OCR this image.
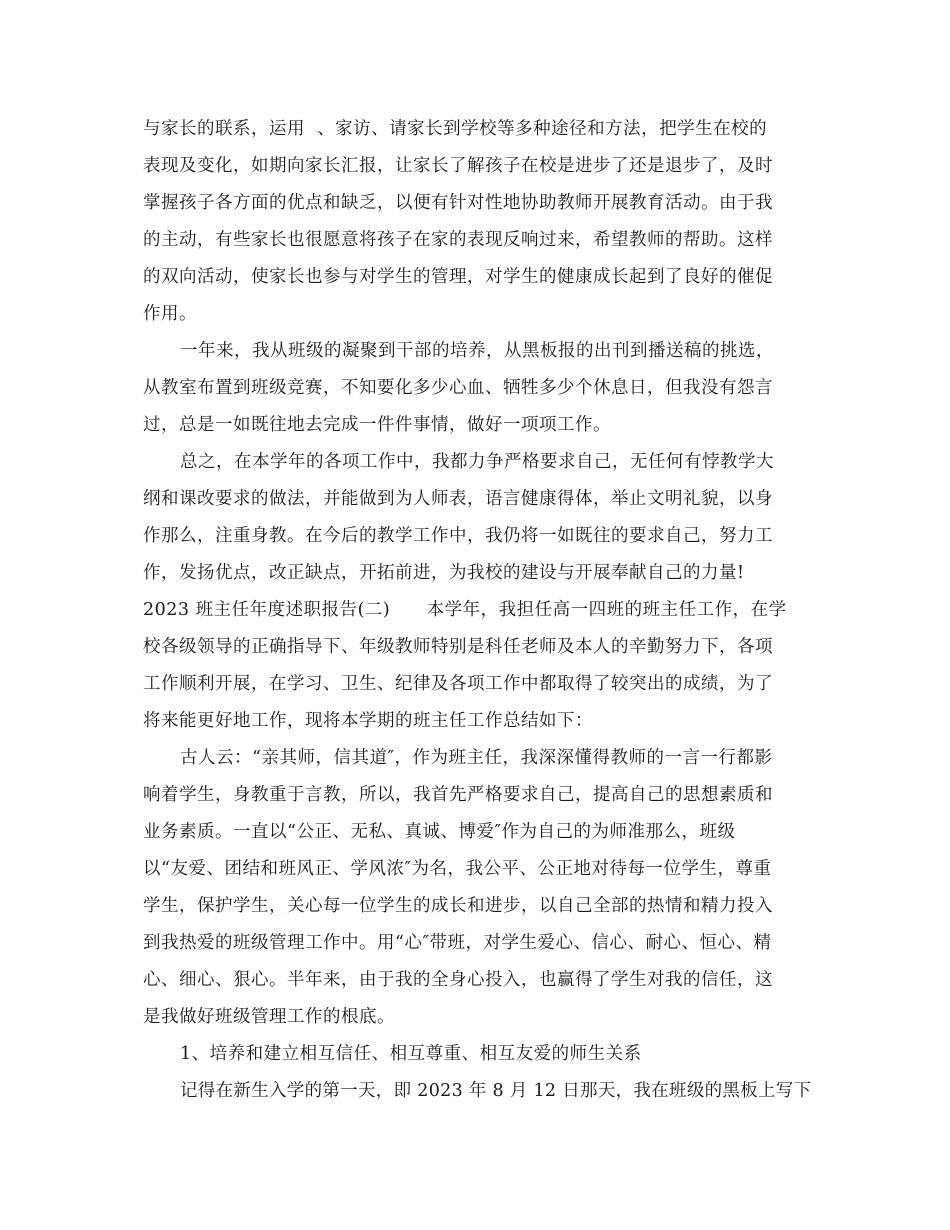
与家长的联系，运用  、家访、请家长到学校等多种途径和方法，把学生在校的
表现及变化，如期向家长汇报，让家长了解孩子在校是进步了还是退步了，及时
掌握孩子各方面的优点和缺乏，以便有针对性地协助教师开展教育活动。由于我
的主动，有些家长也很愿意将孩子在家的表现反响过来，希望教师的帮助。这样
的双向活动，使家长也参与对学生的管理，对学生的健康成长起到了良好的催促
作用。
一年来，我从班级的凝聚到干部的培养，从黑板报的出刊到播送稿的挑选，
从教室布置到班级竞赛，不知要化多少心血、牺牲多少个休息日，但我没有怨言
过，总是一如既往地去完成一件件事情，做好一项项工作。
总之，在本学年的各项工作中，我都力争严格要求自己，无任何有悖教学大
纲和课改要求的做法，并能做到为人师表，语言健康得体，举止文明礼貌，以身
作那么，注重身教。在今后的教学工作中，我仍将一如既往的要求自己，努力工
作，发扬优点，改正缺点，开拓前进，为我校的建设与开展奉献自己的力量!
2023 班主任年度述职报告(二)      本学年，我担任高一四班的班主任工作，在学
校各级领导的正确指导下、年级教师特别是科任老师及本人的辛勤努力下，各项
工作顺利开展，在学习、卫生、纪律及各项工作中都取得了较突出的成绩，为了
将来能更好地工作，现将本学期的班主任工作总结如下：
古人云：“亲其师，信其道″，作为班主任，我深深懂得教师的一言一行都影
响着学生，身教重于言教，所以，我首先严格要求自己，提高自己的思想素质和
业务素质。一直以“公正、无私、真诚、博爱″作为自己的为师准那么，班级
以“友爱、团结和班风正、学风浓″为名，我公平、公正地对待每一位学生，尊重
学生，保护学生，关心每一位学生的成长和进步，以自己全部的热情和精力投入
到我热爱的班级管理工作中。用“心″带班，对学生爱心、信心、耐心、恒心、精
心、细心、狠心。半年来，由于我的全身心投入，也赢得了学生对我的信任，这
是我做好班级管理工作的根底。
1、培养和建立相互信任、相互尊重、相互友爱的师生关系
记得在新生入学的第一天，即 2023 年 8 月 12 日那天，我在班级的黑板上写下
